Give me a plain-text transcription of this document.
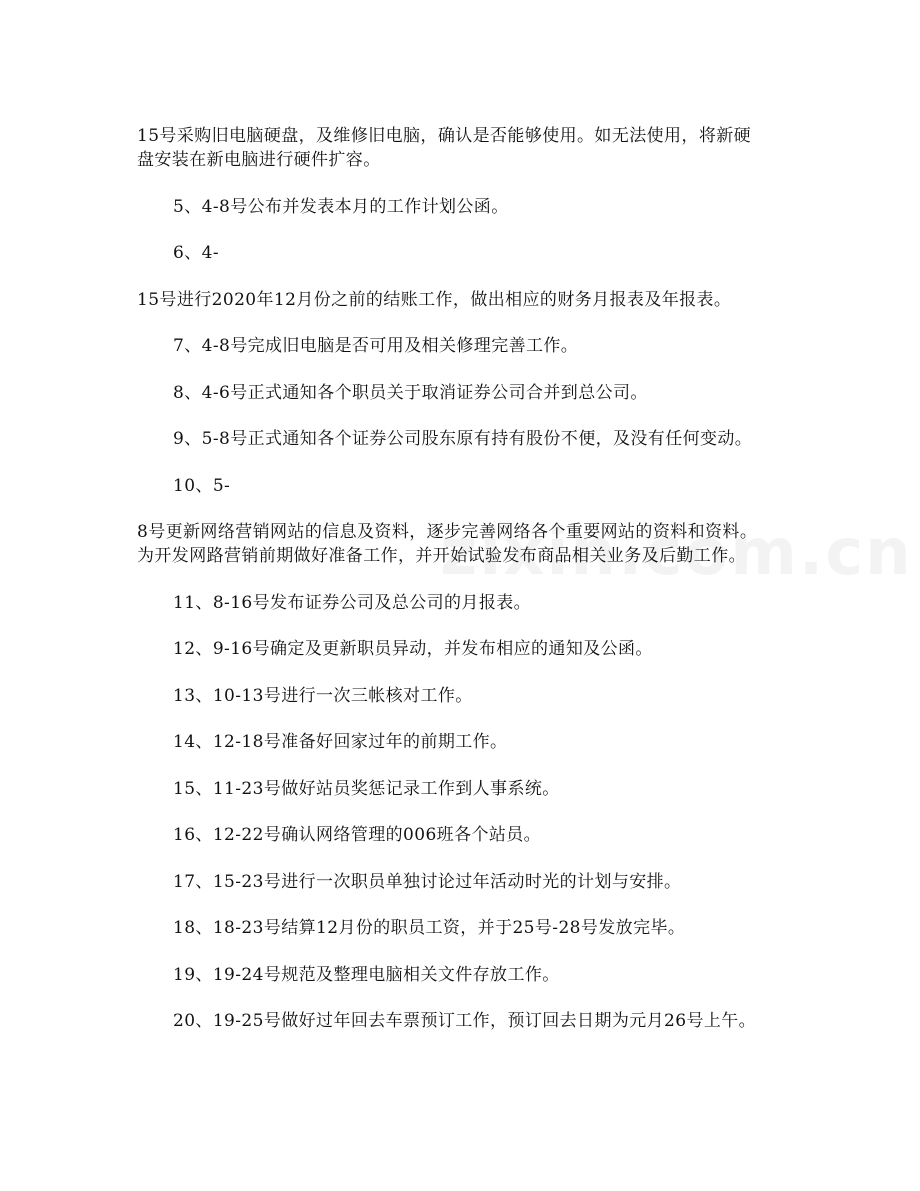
15号采购旧电脑硬盘，及维修旧电脑，确认是否能够使用。如无法使用，将新硬
盘安装在新电脑进行硬件扩容。

5、4-8号公布并发表本月的工作计划公函。

6、4-

15号进行2020年12月份之前的结账工作，做出相应的财务月报表及年报表。

7、4-8号完成旧电脑是否可用及相关修理完善工作。

8、4-6号正式通知各个职员关于取消证券公司合并到总公司。

9、5-8号正式通知各个证券公司股东原有持有股份不便，及没有任何变动。

10、5-

8号更新网络营销网站的信息及资料，逐步完善网络各个重要网站的资料和资料。
为开发网路营销前期做好准备工作，并开始试验发布商品相关业务及后勤工作。

11、8-16号发布证券公司及总公司的月报表。

12、9-16号确定及更新职员异动，并发布相应的通知及公函。

13、10-13号进行一次三帐核对工作。

14、12-18号准备好回家过年的前期工作。

15、11-23号做好站员奖惩记录工作到人事系统。

16、12-22号确认网络管理的006班各个站员。

17、15-23号进行一次职员单独讨论过年活动时光的计划与安排。

18、18-23号结算12月份的职员工资，并于25号-28号发放完毕。

19、19-24号规范及整理电脑相关文件存放工作。

20、19-25号做好过年回去车票预订工作，预订回去日期为元月26号上午。
